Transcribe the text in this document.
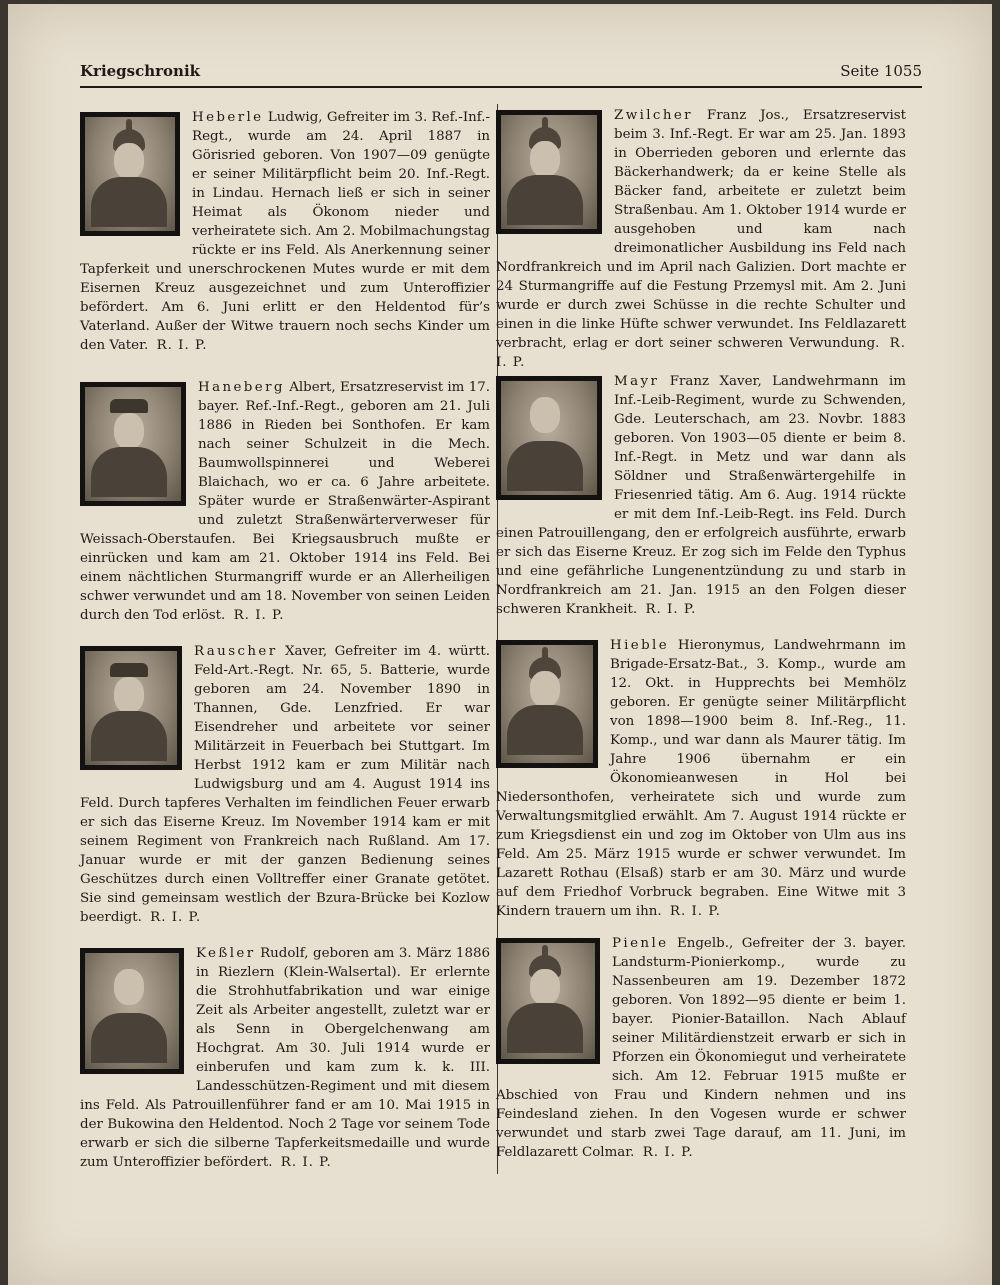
Kriegschronik	Seite 1055
Heberle Ludwig, Gefreiter im 3. Ref.-Inf.-Regt., wurde am 24. April 1887 in Görisried geboren. Von 1907—09 genügte er seiner Militärpflicht beim 20. Inf.-Regt. in Lindau. Hernach ließ er sich in seiner Heimat als Ökonom nieder und verheiratete sich. Am 2. Mobilmachungstag rückte er ins Feld. Als Anerkennung seiner Tapferkeit und unerschrockenen Mutes wurde er mit dem Eisernen Kreuz ausgezeichnet und zum Unteroffizier befördert. Am 6. Juni erlitt er den Heldentod für’s Vaterland. Außer der Witwe trauern noch sechs Kinder um den Vater. R. I. P.
Haneberg Albert, Ersatzreservist im 17. bayer. Ref.-Inf.-Regt., geboren am 21. Juli 1886 in Rieden bei Sonthofen. Er kam nach seiner Schulzeit in die Mech. Baumwollspinnerei und Weberei Blaichach, wo er ca. 6 Jahre arbeitete. Später wurde er Straßenwärter-Aspirant und zuletzt Straßenwärterverweser für Weissach-Oberstaufen. Bei Kriegsausbruch mußte er einrücken und kam am 21. Oktober 1914 ins Feld. Bei einem nächtlichen Sturmangriff wurde er an Allerheiligen schwer verwundet und am 18. November von seinen Leiden durch den Tod erlöst. R. I. P.
Rauscher Xaver, Gefreiter im 4. württ. Feld-Art.-Regt. Nr. 65, 5. Batterie, wurde geboren am 24. November 1890 in Thannen, Gde. Lenzfried. Er war Eisendreher und arbeitete vor seiner Militärzeit in Feuerbach bei Stuttgart. Im Herbst 1912 kam er zum Militär nach Ludwigsburg und am 4. August 1914 ins Feld. Durch tapferes Verhalten im feindlichen Feuer erwarb er sich das Eiserne Kreuz. Im November 1914 kam er mit seinem Regiment von Frankreich nach Rußland. Am 17. Januar wurde er mit der ganzen Bedienung seines Geschützes durch einen Volltreffer einer Granate getötet. Sie sind gemeinsam westlich der Bzura-Brücke bei Kozlow beerdigt. R. I. P.
Keßler Rudolf, geboren am 3. März 1886 in Riezlern (Klein-Walsertal). Er erlernte die Strohhutfabrikation und war einige Zeit als Arbeiter angestellt, zuletzt war er als Senn in Obergelchenwang am Hochgrat. Am 30. Juli 1914 wurde er einberufen und kam zum k. k. III. Landesschützen-Regiment und mit diesem ins Feld. Als Patrouillenführer fand er am 10. Mai 1915 in der Bukowina den Heldentod. Noch 2 Tage vor seinem Tode erwarb er sich die silberne Tapferkeitsmedaille und wurde zum Unteroffizier befördert. R. I. P.
Zwilcher Franz Jos., Ersatzreservist beim 3. Inf.-Regt. Er war am 25. Jan. 1893 in Oberrieden geboren und erlernte das Bäckerhandwerk; da er keine Stelle als Bäcker fand, arbeitete er zuletzt beim Straßenbau. Am 1. Oktober 1914 wurde er ausgehoben und kam nach dreimonatlicher Ausbildung ins Feld nach Nordfrankreich und im April nach Galizien. Dort machte er 24 Sturmangriffe auf die Festung Przemysl mit. Am 2. Juni wurde er durch zwei Schüsse in die rechte Schulter und einen in die linke Hüfte schwer verwundet. Ins Feldlazarett verbracht, erlag er dort seiner schweren Verwundung. R. I. P.
Mayr Franz Xaver, Landwehrmann im Inf.-Leib-Regiment, wurde zu Schwenden, Gde. Leuterschach, am 23. Novbr. 1883 geboren. Von 1903—05 diente er beim 8. Inf.-Regt. in Metz und war dann als Söldner und Straßenwärtergehilfe in Friesenried tätig. Am 6. Aug. 1914 rückte er mit dem Inf.-Leib-Regt. ins Feld. Durch einen Patrouillengang, den er erfolgreich ausführte, erwarb er sich das Eiserne Kreuz. Er zog sich im Felde den Typhus und eine gefährliche Lungenentzündung zu und starb in Nordfrankreich am 21. Jan. 1915 an den Folgen dieser schweren Krankheit. R. I. P.
Hieble Hieronymus, Landwehrmann im Brigade-Ersatz-Bat., 3. Komp., wurde am 12. Okt. in Hupprechts bei Memhölz geboren. Er genügte seiner Militärpflicht von 1898—1900 beim 8. Inf.-Reg., 11. Komp., und war dann als Maurer tätig. Im Jahre 1906 übernahm er ein Ökonomieanwesen in Hol bei Niedersonthofen, verheiratete sich und wurde zum Verwaltungsmitglied erwählt. Am 7. August 1914 rückte er zum Kriegsdienst ein und zog im Oktober von Ulm aus ins Feld. Am 25. März 1915 wurde er schwer verwundet. Im Lazarett Rothau (Elsaß) starb er am 30. März und wurde auf dem Friedhof Vorbruck begraben. Eine Witwe mit 3 Kindern trauern um ihn. R. I. P.
Pienle Engelb., Gefreiter der 3. bayer. Landsturm-Pionierkomp., wurde zu Nassenbeuren am 19. Dezember 1872 geboren. Von 1892—95 diente er beim 1. bayer. Pionier-Bataillon. Nach Ablauf seiner Militärdienstzeit erwarb er sich in Pforzen ein Ökonomiegut und verheiratete sich. Am 12. Februar 1915 mußte er Abschied von Frau und Kindern nehmen und ins Feindesland ziehen. In den Vogesen wurde er schwer verwundet und starb zwei Tage darauf, am 11. Juni, im Feldlazarett Colmar. R. I. P.
